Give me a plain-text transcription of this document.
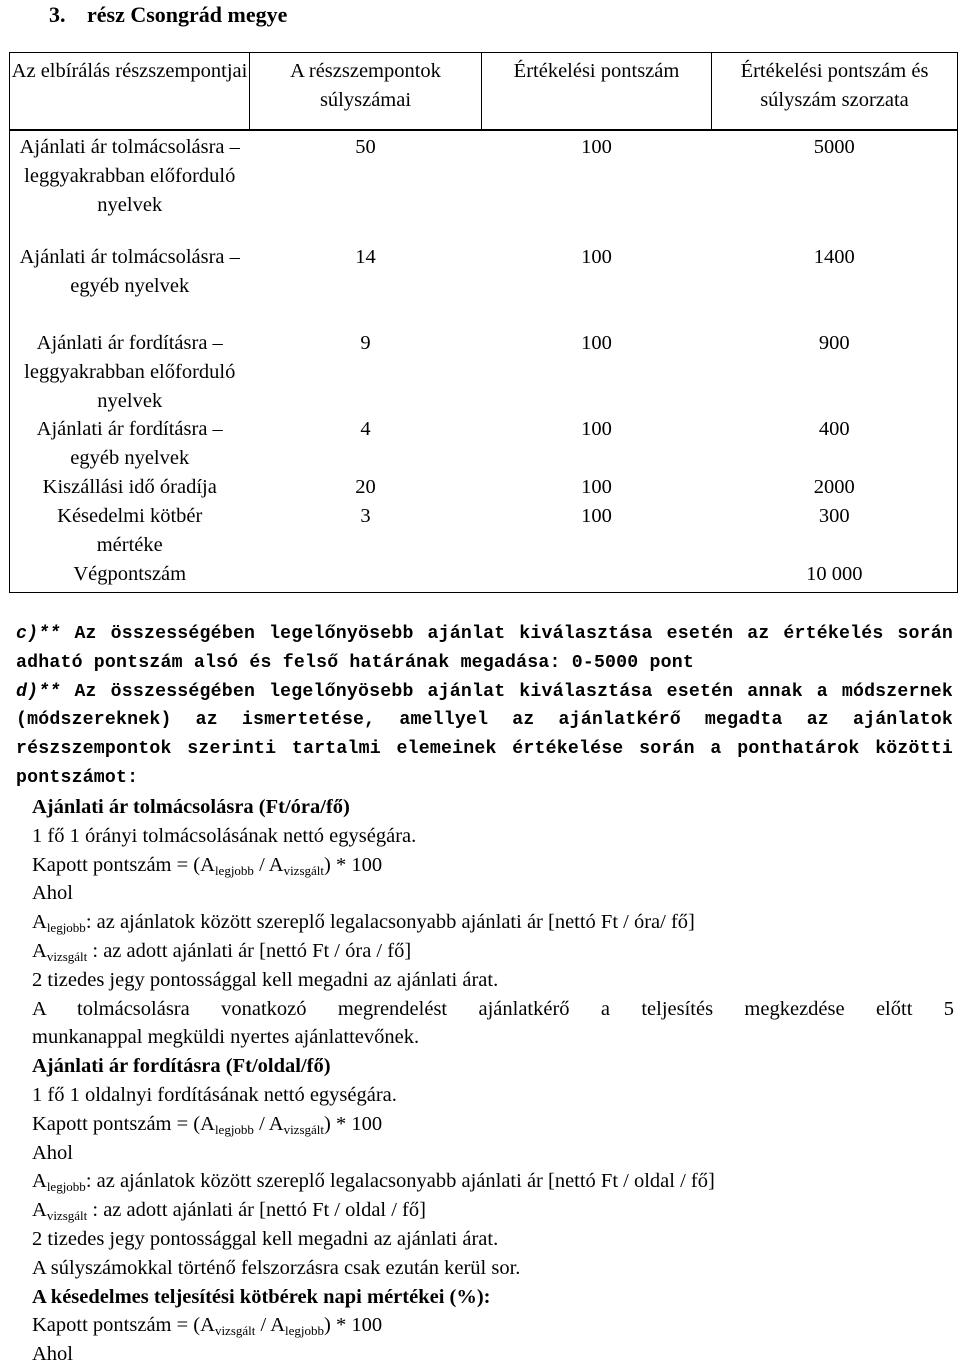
3. rész Csongrád megye
Az elbírálás részszempontjai	A részszempontok súlyszámai	Értékelési pontszám	Értékelési pontszám és súlyszám szorzata
Ajánlati ár tolmácsolásra – leggyakrabban előforduló nyelvek	50	100	5000
Ajánlati ár tolmácsolásra – egyéb nyelvek	14	100	1400
Ajánlati ár fordításra – leggyakrabban előforduló nyelvek	9	100	900
Ajánlati ár fordításra – egyéb nyelvek	4	100	400
Kiszállási idő óradíja	20	100	2000
Késedelmi kötbér mértéke	3	100	300
Végpontszám			10 000
c)** Az összességében legelőnyösebb ajánlat kiválasztása esetén az értékelés során
adható pontszám alsó és felső határának megadása: 0-5000 pont
d)** Az összességében legelőnyösebb ajánlat kiválasztása esetén annak a módszernek
(módszereknek) az ismertetése, amellyel az ajánlatkérő megadta az ajánlatok
részszempontok szerinti tartalmi elemeinek értékelése során a ponthatárok közötti
pontszámot:
Ajánlati ár tolmácsolásra (Ft/óra/fő)
1 fő 1 órányi tolmácsolásának nettó egységára.
Kapott pontszám = $(A_{legjobb} / A_{vizsgált}) * 100$
Ahol
$A_{legjobb}$: az ajánlatok között szereplő legalacsonyabb ajánlati ár [nettó Ft / óra/ fő]
$A_{vizsgált}$ : az adott ajánlati ár [nettó Ft / óra / fő]
2 tizedes jegy pontossággal kell megadni az ajánlati árat.
A tolmácsolásra vonatkozó megrendelést ajánlatkérő a teljesítés megkezdése előtt 5
munkanappal megküldi nyertes ajánlattevőnek.
Ajánlati ár fordításra (Ft/oldal/fő)
1 fő 1 oldalnyi fordításának nettó egységára.
Kapott pontszám = $(A_{legjobb} / A_{vizsgált}) * 100$
Ahol
$A_{legjobb}$: az ajánlatok között szereplő legalacsonyabb ajánlati ár [nettó Ft / oldal / fő]
$A_{vizsgált}$ : az adott ajánlati ár [nettó Ft / oldal / fő]
2 tizedes jegy pontossággal kell megadni az ajánlati árat.
A súlyszámokkal történő felszorzásra csak ezután kerül sor.
A késedelmes teljesítési kötbérek napi mértékei (%):
Kapott pontszám = $(A_{vizsgált} / A_{legjobb}) * 100$
Ahol
